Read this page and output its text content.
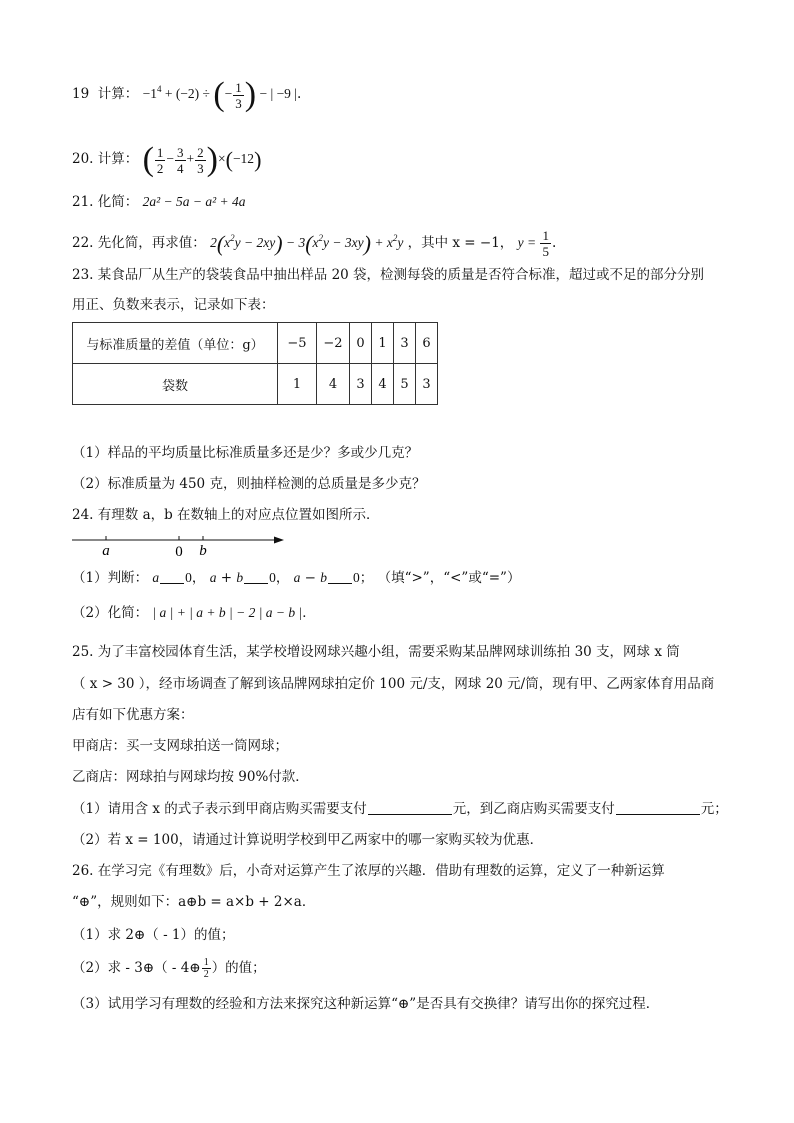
19 计算： $-1^4 + (-2)$ ÷ (− $\frac{1}{3}$ ) − | −9 |.
20. 计算： ( $\frac{1}{2} - \frac{3}{4} + \frac{2}{3} )\times(-12)$
21. 化简： 2a² − 5a − a² + 4a
22. 先化简，再求值： $2(x^2y - 2xy) - 3(x^2y - 3xy) + x^2y$ ，其中 x = −1， $y = \frac{1}{5}$ .
23. 某食品厂从生产的袋装食品中抽出样品 20 袋，检测每袋的质量是否符合标准，超过或不足的部分分别
用正、负数来表示，记录如下表：
与标准质量的差值（单位：g）	−5	−2	0	1	3	6
袋数	1	4	3	4	5	3
（1）样品的平均质量比标准质量多还是少？多或少几克？
（2）标准质量为 450 克，则抽样检测的总质量是多少克？
24. 有理数 a，b 在数轴上的对应点位置如图所示．
a	0 b
（1）判断： a 0， a + b 0， a − b 0； （填“>”，“<”或“=”）
（2）化简： | a | + | a + b | − 2 | a − b |．
25. 为了丰富校园体育生活，某学校增设网球兴趣小组，需要采购某品牌网球训练拍 30 支，网球 x 筒
（ x > 30 ），经市场调查了解到该品牌网球拍定价 100 元/支，网球 20 元/筒，现有甲、乙两家体育用品商
店有如下优惠方案：
甲商店：买一支网球拍送一筒网球；
乙商店：网球拍与网球均按 90%付款．
（1）请用含 x 的式子表示到甲商店购买需要支付	元，到乙商店购买需要支付	元；
（2）若 x = 100，请通过计算说明学校到甲乙两家中的哪一家购买较为优惠．
26. 在学习完《有理数》后，小奇对运算产生了浓厚的兴趣．借助有理数的运算，定义了一种新运算
“⊕”，规则如下：a⊕b = a×b + 2×a．
（1）求 2⊕（ - 1）的值；
（2）求 - 3⊕（ - 4⊕ $\frac{1}{2}$ ）的值；
（3）试用学习有理数的经验和方法来探究这种新运算“⊕”是否具有交换律？请写出你的探究过程．
